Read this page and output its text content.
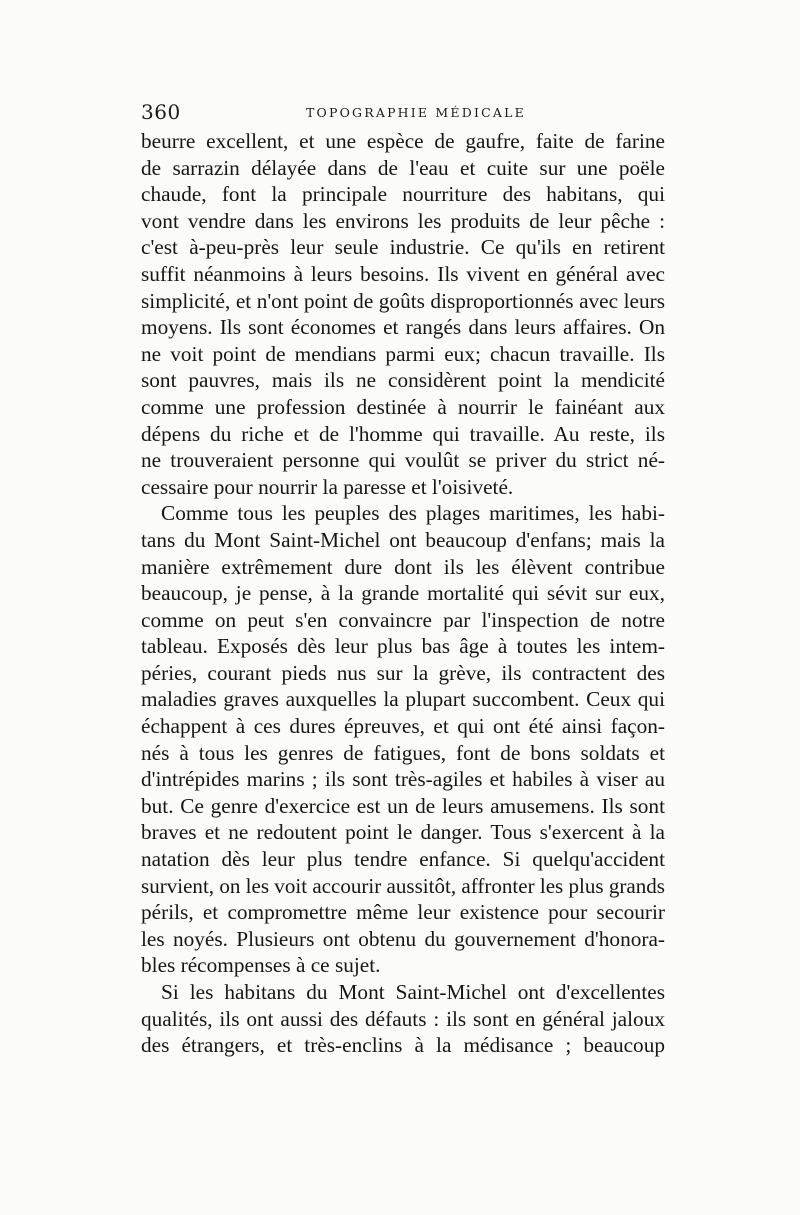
360	TOPOGRAPHIE MÉDICALE
beurre excellent, et une espèce de gaufre, faite de farine
de sarrazin délayée dans de l'eau et cuite sur une poële
chaude, font la principale nourriture des habitans, qui
vont vendre dans les environs les produits de leur pêche :
c'est à-peu-près leur seule industrie. Ce qu'ils en retirent
suffit néanmoins à leurs besoins. Ils vivent en général avec
simplicité, et n'ont point de goûts disproportionnés avec leurs
moyens. Ils sont économes et rangés dans leurs affaires. On
ne voit point de mendians parmi eux; chacun travaille. Ils
sont pauvres, mais ils ne considèrent point la mendicité
comme une profession destinée à nourrir le fainéant aux
dépens du riche et de l'homme qui travaille. Au reste, ils
ne trouveraient personne qui voulût se priver du strict né-
cessaire pour nourrir la paresse et l'oisiveté.
Comme tous les peuples des plages maritimes, les habi-
tans du Mont Saint-Michel ont beaucoup d'enfans; mais la
manière extrêmement dure dont ils les élèvent contribue
beaucoup, je pense, à la grande mortalité qui sévit sur eux,
comme on peut s'en convaincre par l'inspection de notre
tableau. Exposés dès leur plus bas âge à toutes les intem-
péries, courant pieds nus sur la grève, ils contractent des
maladies graves auxquelles la plupart succombent. Ceux qui
échappent à ces dures épreuves, et qui ont été ainsi façon-
nés à tous les genres de fatigues, font de bons soldats et
d'intrépides marins ; ils sont très-agiles et habiles à viser au
but. Ce genre d'exercice est un de leurs amusemens. Ils sont
braves et ne redoutent point le danger. Tous s'exercent à la
natation dès leur plus tendre enfance. Si quelqu'accident
survient, on les voit accourir aussitôt, affronter les plus grands
périls, et compromettre même leur existence pour secourir
les noyés. Plusieurs ont obtenu du gouvernement d'honora-
bles récompenses à ce sujet.
Si les habitans du Mont Saint-Michel ont d'excellentes
qualités, ils ont aussi des défauts : ils sont en général jaloux
des étrangers, et très-enclins à la médisance ; beaucoup
